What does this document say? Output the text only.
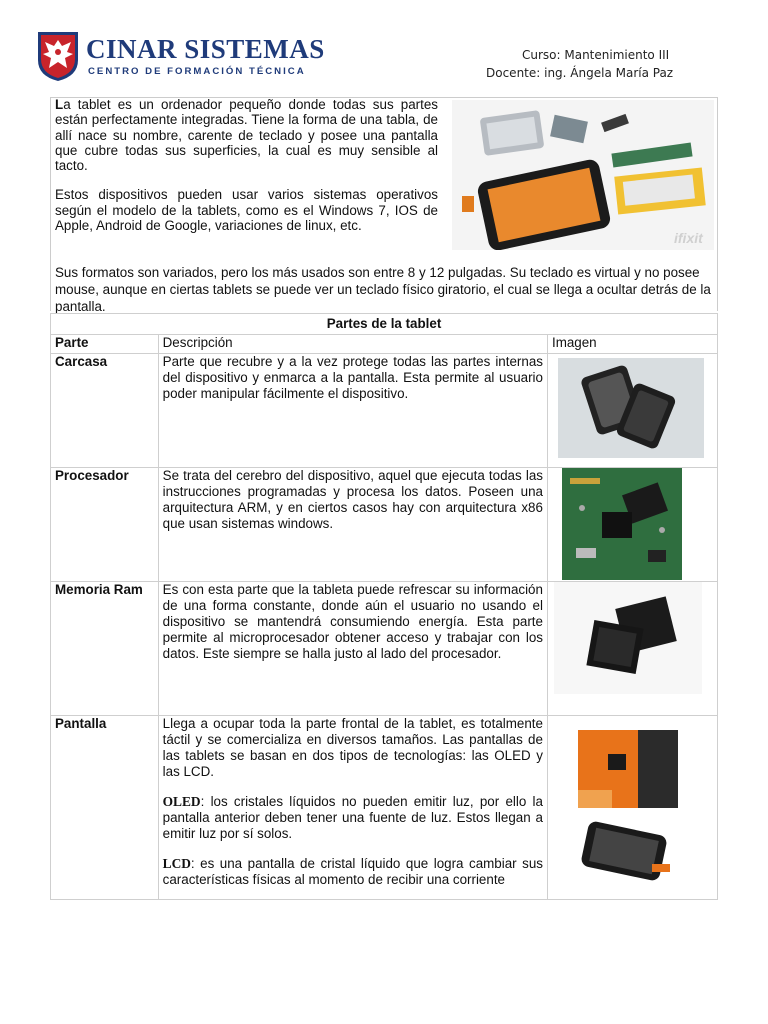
CINAR SISTEMAS
CENTRO DE FORMACIÓN TÉCNICA
Curso: Mantenimiento III
Docente: ing. Ángela María Paz

La tablet es un ordenador pequeño donde todas sus partes están perfectamente integradas. Tiene la forma de una tabla, de allí nace su nombre, carente de teclado y posee una pantalla que cubre todas sus superficies, la cual es muy sensible al tacto.

Estos dispositivos pueden usar varios sistemas operativos según el modelo de la tablets, como es el Windows 7, IOS de Apple, Android de Google, variaciones de linux, etc.

ifixit
Sus formatos son variados, pero los más usados son entre 8 y 12 pulgadas. Su teclado es virtual y no posee mouse, aunque en ciertas tablets se puede ver un teclado físico giratorio, el cual se llega a ocultar detrás de la pantalla.
Partes de la tablet		
Parte	Descripción	Imagen
Carcasa	Parte que recubre y a la vez protege todas las partes internas del dispositivo y enmarca a la pantalla. Esta permite al usuario poder manipular fácilmente el dispositivo.	

Procesador	Se trata del cerebro del dispositivo, aquel que ejecuta todas las instrucciones programadas y procesa los datos. Poseen una arquitectura ARM, y en ciertos casos hay con arquitectura x86 que usan sistemas windows.	

Memoria Ram	Es con esta parte que la tableta puede refrescar su información de una forma constante, donde aún el usuario no usando el dispositivo se mantendrá consumiendo energía. Esta parte permite al microprocesador obtener acceso y trabajar con los datos. Este siempre se halla justo al lado del procesador.	

Pantalla	Llega a ocupar toda la parte frontal de la tablet, es totalmente táctil y se comercializa en diversos tamaños. Las pantallas de las tablets se basan en dos tipos de tecnologías: las OLED y las LCD.

OLED: los cristales líquidos no pueden emitir luz, por ello la pantalla anterior deben tener una fuente de luz. Estos llegan a emitir luz por sí solos.

LCD: es una pantalla de cristal líquido que logra cambiar sus características físicas al momento de recibir una corriente
